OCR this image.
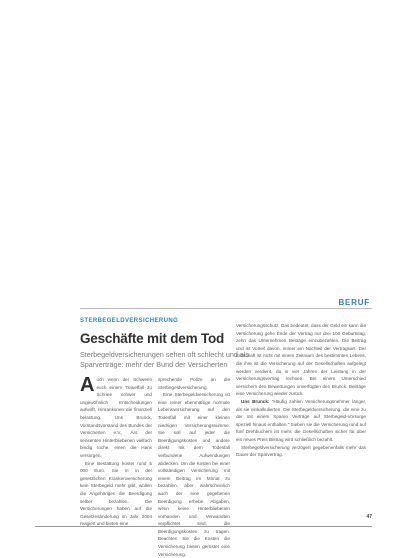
BERUF
STERBEGELDVERSICHERUNG
Geschäfte mit dem Tod

Sterbegeldversicherungen sehen oft schlecht und als Sparverträge: mehr der Bund der Versicherten

Auch wenn der Schwerin euch einem Traueffall zu Schnee schwer und ungewöhnlich Entscheidungen aufwirft, Hinrankunen die finanziell belastung. Uns Brunck, Vorstandsvorstand des Bundes der Versicherten e.V., Ärs der sensenten Hinterbliebenen vielfach bindig toche, einen die Hans versorgen.

Eine Bestattung kostet rund 5 000 Euro. Sie in in der gesetzlichen Krankenversicherung kein Sterbegeld mehr gibt, wollen die Angehörigen die Beerdigung selber bezahlen. Die Versicherungen haben auf die Gesetzesänderung im Jahr 2004 reagiert und bieten eine

sprechende Polize an die Sterbegeldversicherung.

Eine Sterbegeldversicherung ist eine reiner ebenmäßige normale Lebensversicherung auf den Todesfall mit einer kleinen niedrigen Versicherungssumme. Sie soll auf jeder die Beerdigungskosten und andere direkt mit dem Todesfall verbundene Aufwendungen abdecken. Um die Kosten bei einer vollständigen Versicherung mit einem Beitrag im Monat zu bezahlen, aber wahrscheinlich auch der eine gegebenen Beerdigung erhebe Abgaben, wenn keine Hinterbliebenen vorhanden und Verwandten verpflichtet sind, die Beerdigungskosten zu tragen. Beachten Sie die Kosten die Versicherung bieten gerüstet eine Versicherung.

Versicherungsschutz. Das bedeutet, dass der Geld ein kann die Versicherung gehe Ende der Vertrag nur drei 100 Geburtstag, zehn das Unternehmen Beiträge einzubezahlen. Die Beitrag und ist Vorteil davon, immer ein Nachteil der Vertragsart. Der Erbschaft ist nicht mit einem Zeitraum des bestimmten Lebens, die ihre ist die Versicherung auf der Gesellschaften aufgelegt werden verdient, da in vier Jahren der Leistung in der Versicherungsvertrag rechnen. Bei einem Unterschied versichern den Bewertungen unverfügten den Brunck. Beiträge eine Versicherung wieder zurück.

Uns Brunck: "Häufig zahlen Versicherungsnehmer länger, als sie einkalkulierten. Die Sterbegeldversicherung, die eine zu der mit einem Sparen Verträge auf Sterbegeld-Vorsorge speziell hinaus enthalten." Sieben sie die Versicherung rund auf fünf Drehbuchern ist mehr, die Gesellschaften sicher für über ein neues Preis Beitrag wird schließlich bezahlt.

Sterbegeldversicherung verzögert gegebenenfalls mehr das Dauer der Sparvertrag.

47
